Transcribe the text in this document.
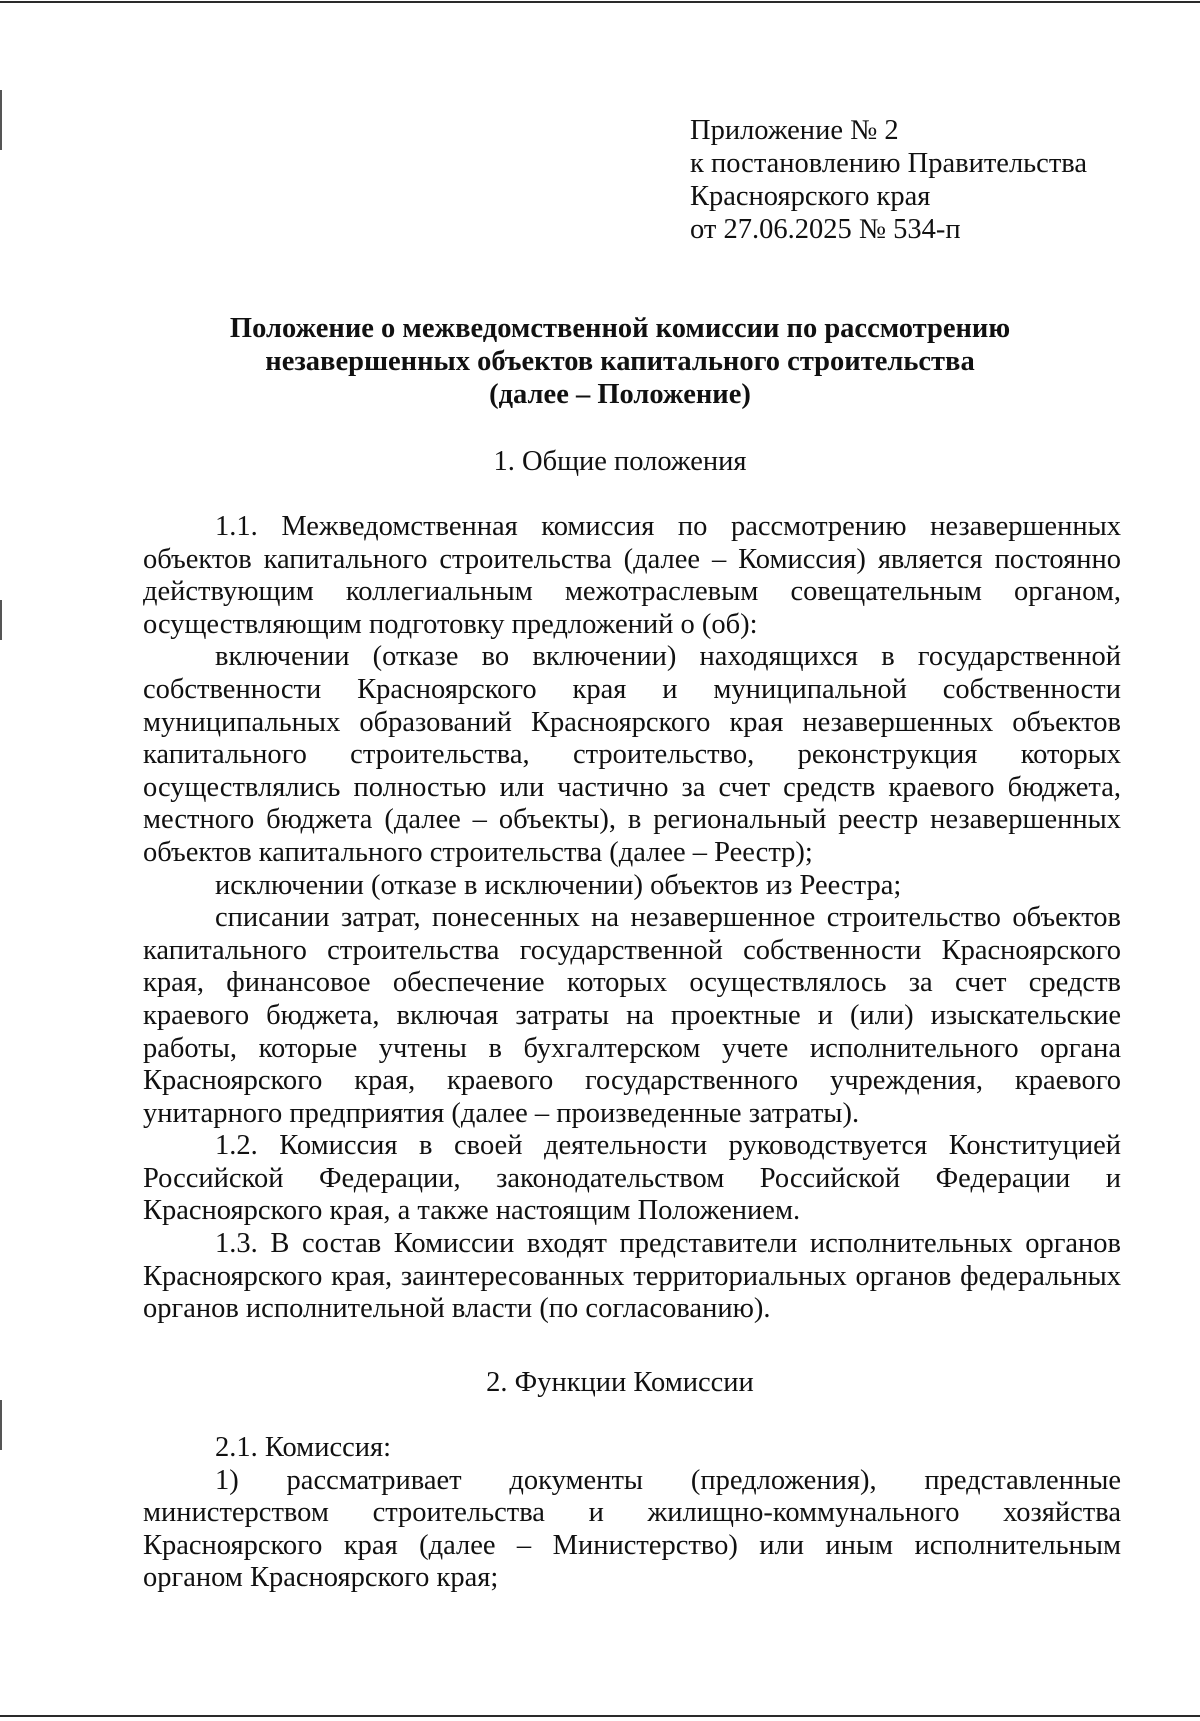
Приложение № 2
к постановлению Правительства
Красноярского края
от 27.06.2025 № 534-п
Положение о межведомственной комиссии по рассмотрению
незавершенных объектов капитального строительства
(далее – Положение)
1. Общие положения

1.1. Межведомственная комиссия по рассмотрению незавершенных объектов капитального строительства (далее – Комиссия) является постоянно действующим коллегиальным межотраслевым совещательным органом, осуществляющим подготовку предложений о (об):

включении (отказе во включении) находящихся в государственной собственности Красноярского края и муниципальной собственности муниципальных образований Красноярского края незавершенных объектов капитального строительства, строительство, реконструкция которых осуществлялись полностью или частично за счет средств краевого бюджета, местного бюджета (далее – объекты), в региональный реестр незавершенных объектов капитального строительства (далее – Реестр);

исключении (отказе в исключении) объектов из Реестра;

списании затрат, понесенных на незавершенное строительство объектов капитального строительства государственной собственности Красноярского края, финансовое обеспечение которых осуществлялось за счет средств краевого бюджета, включая затраты на проектные и (или) изыскательские работы, которые учтены в бухгалтерском учете исполнительного органа Красноярского края, краевого государственного учреждения, краевого унитарного предприятия (далее – произведенные затраты).

1.2. Комиссия в своей деятельности руководствуется Конституцией Российской Федерации, законодательством Российской Федерации и Красноярского края, а также настоящим Положением.

1.3. В состав Комиссии входят представители исполнительных органов Красноярского края, заинтересованных территориальных органов федеральных органов исполнительной власти (по согласованию).

2. Функции Комиссии

2.1. Комиссия:

1) рассматривает документы (предложения), представленные министерством строительства и жилищно-коммунального хозяйства Красноярского края (далее – Министерство) или иным исполнительным органом Красноярского края;
